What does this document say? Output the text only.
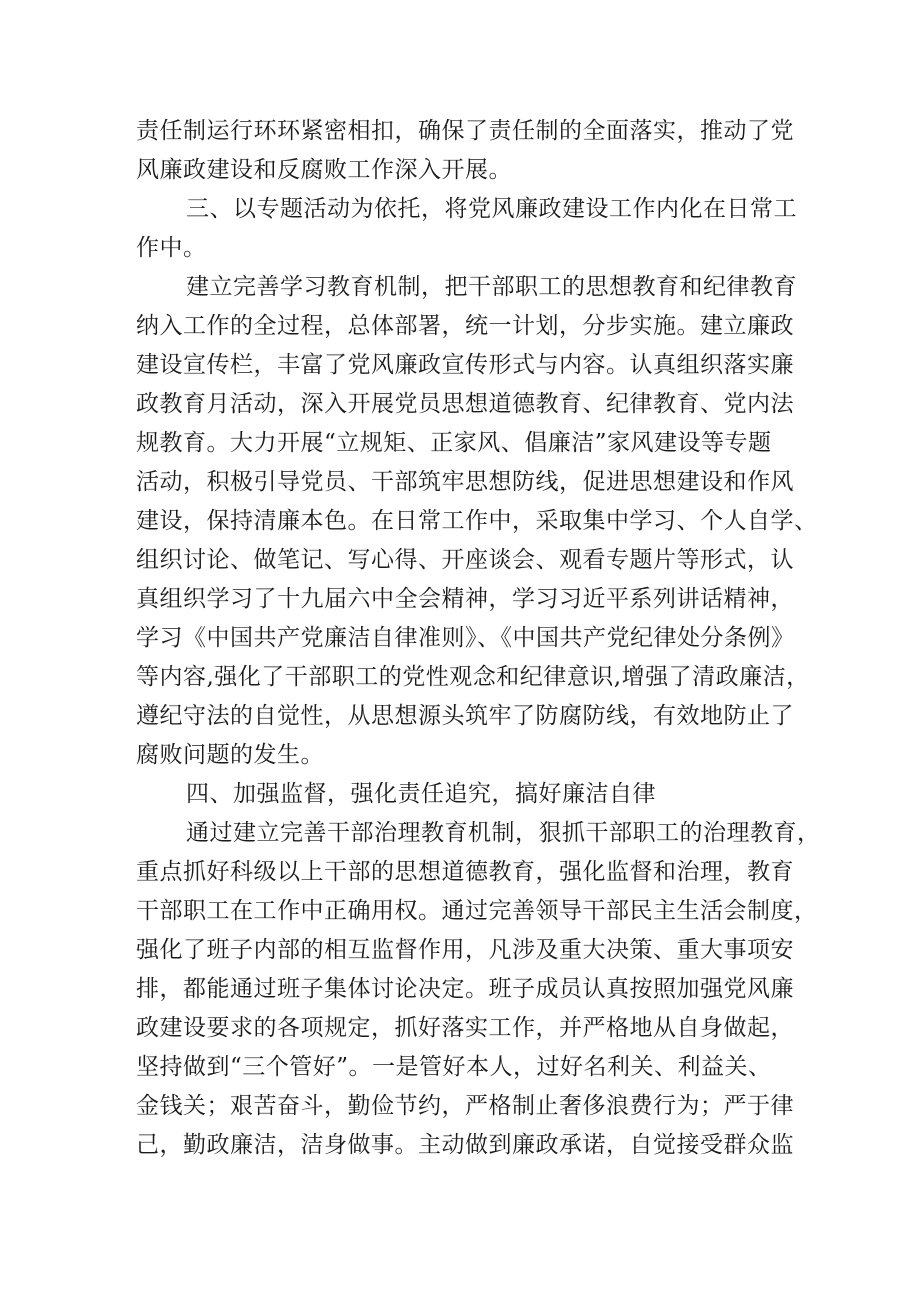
责任制运行环环紧密相扣，确保了责任制的全面落实，推动了党
风廉政建设和反腐败工作深入开展。
三、以专题活动为依托，将党风廉政建设工作内化在日常工
作中。
建立完善学习教育机制，把干部职工的思想教育和纪律教育
纳入工作的全过程，总体部署，统一计划，分步实施。建立廉政
建设宣传栏，丰富了党风廉政宣传形式与内容。认真组织落实廉
政教育月活动，深入开展党员思想道德教育、纪律教育、党内法
规教育。大力开展“立规矩、正家风、倡廉洁”家风建设等专题
活动，积极引导党员、干部筑牢思想防线，促进思想建设和作风
建设，保持清廉本色。在日常工作中，采取集中学习、个人自学、
组织讨论、做笔记、写心得、开座谈会、观看专题片等形式，认
真组织学习了十九届六中全会精神，学习习近平系列讲话精神，
学习《中国共产党廉洁自律准则》、《中国共产党纪律处分条例》
等内容,强化了干部职工的党性观念和纪律意识,增强了清政廉洁，
遵纪守法的自觉性，从思想源头筑牢了防腐防线，有效地防止了
腐败问题的发生。
四、加强监督，强化责任追究，搞好廉洁自律
通过建立完善干部治理教育机制，狠抓干部职工的治理教育，
重点抓好科级以上干部的思想道德教育，强化监督和治理，教育
干部职工在工作中正确用权。通过完善领导干部民主生活会制度，
强化了班子内部的相互监督作用，凡涉及重大决策、重大事项安
排，都能通过班子集体讨论决定。班子成员认真按照加强党风廉
政建设要求的各项规定，抓好落实工作，并严格地从自身做起，
坚持做到“三个管好”。一是管好本人，过好名利关、利益关、
金钱关；艰苦奋斗，勤俭节约，严格制止奢侈浪费行为；严于律
己，勤政廉洁，洁身做事。主动做到廉政承诺，自觉接受群众监
